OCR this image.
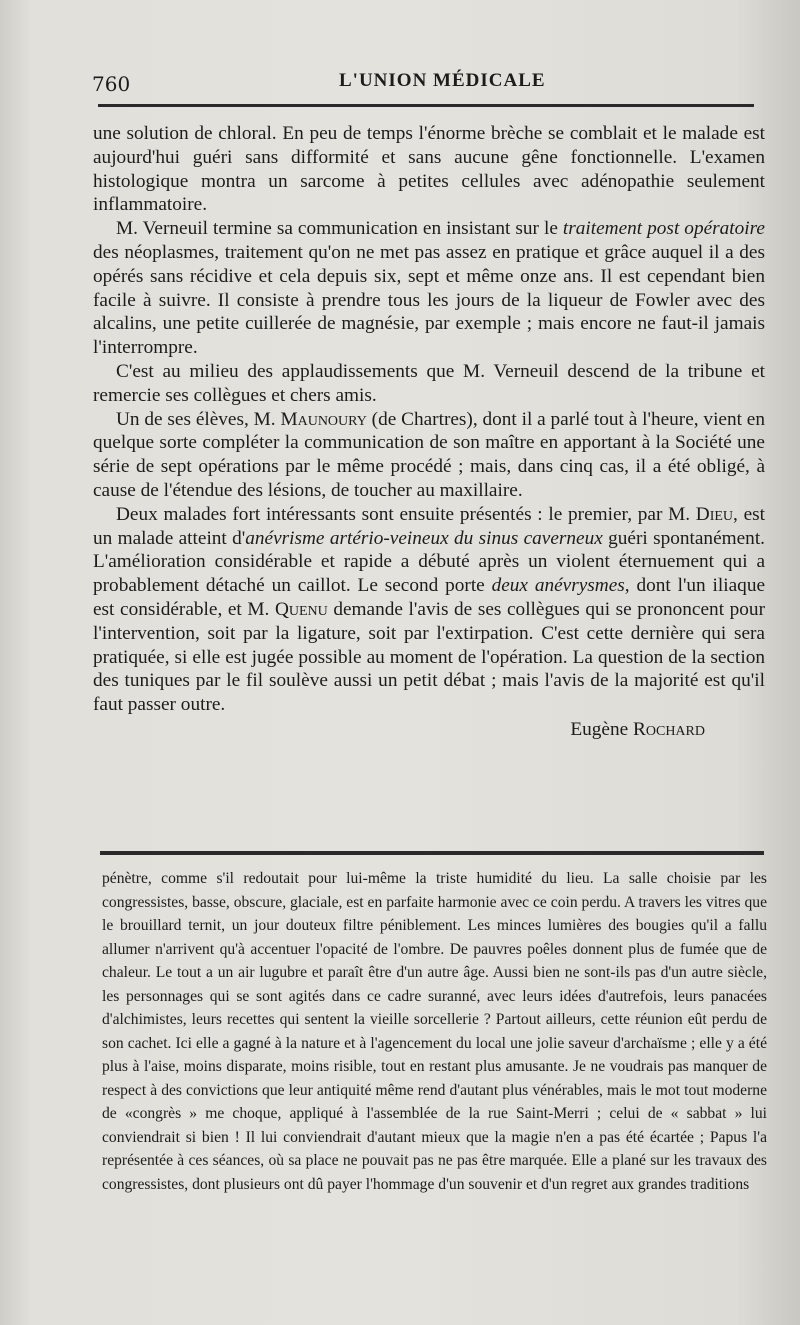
760	L'UNION MÉDICALE

une solution de chloral. En peu de temps l'énorme brèche se comblait et le malade est aujourd'hui guéri sans difformité et sans aucune gêne fonctionnelle. L'examen histologique montra un sarcome à petites cellules avec adénopathie seulement inflammatoire.

M. Verneuil termine sa communication en insistant sur le traitement post opératoire des néoplasmes, traitement qu'on ne met pas assez en pratique et grâce auquel il a des opérés sans récidive et cela depuis six, sept et même onze ans. Il est cependant bien facile à suivre. Il consiste à prendre tous les jours de la liqueur de Fowler avec des alcalins, une petite cuillerée de magnésie, par exemple ; mais encore ne faut-il jamais l'interrompre.

C'est au milieu des applaudissements que M. Verneuil descend de la tribune et remercie ses collègues et chers amis.

Un de ses élèves, M. Maunoury (de Chartres), dont il a parlé tout à l'heure, vient en quelque sorte compléter la communication de son maître en apportant à la Société une série de sept opérations par le même procédé ; mais, dans cinq cas, il a été obligé, à cause de l'étendue des lésions, de toucher au maxillaire.

Deux malades fort intéressants sont ensuite présentés : le premier, par M. Dieu, est un malade atteint d'anévrisme artério-veineux du sinus caverneux guéri spontanément. L'amélioration considérable et rapide a débuté après un violent éternuement qui a probablement détaché un caillot. Le second porte deux anévrysmes, dont l'un iliaque est considérable, et M. Quenu demande l'avis de ses collègues qui se prononcent pour l'intervention, soit par la ligature, soit par l'extirpation. C'est cette dernière qui sera pratiquée, si elle est jugée possible au moment de l'opération. La question de la section des tuniques par le fil soulève aussi un petit débat ; mais l'avis de la majorité est qu'il faut passer outre.

Eugène Rochard

pénètre, comme s'il redoutait pour lui-même la triste humidité du lieu. La salle choisie par les congressistes, basse, obscure, glaciale, est en parfaite harmonie avec ce coin perdu. A travers les vitres que le brouillard ternit, un jour douteux filtre péniblement. Les minces lumières des bougies qu'il a fallu allumer n'arrivent qu'à accentuer l'opacité de l'ombre. De pauvres poêles donnent plus de fumée que de chaleur. Le tout a un air lugubre et paraît être d'un autre âge. Aussi bien ne sont-ils pas d'un autre siècle, les personnages qui se sont agités dans ce cadre suranné, avec leurs idées d'autrefois, leurs panacées d'alchimistes, leurs recettes qui sentent la vieille sorcellerie ? Partout ailleurs, cette réunion eût perdu de son cachet. Ici elle a gagné à la nature et à l'agencement du local une jolie saveur d'archaïsme ; elle y a été plus à l'aise, moins disparate, moins risible, tout en restant plus amusante. Je ne voudrais pas manquer de respect à des convictions que leur antiquité même rend d'autant plus vénérables, mais le mot tout moderne de «congrès » me choque, appliqué à l'assemblée de la rue Saint-Merri ; celui de « sabbat » lui conviendrait si bien ! Il lui conviendrait d'autant mieux que la magie n'en a pas été écartée ; Papus l'a représentée à ces séances, où sa place ne pouvait pas ne pas être marquée. Elle a plané sur les travaux des congressistes, dont plusieurs ont dû payer l'hommage d'un souvenir et d'un regret aux grandes traditions
